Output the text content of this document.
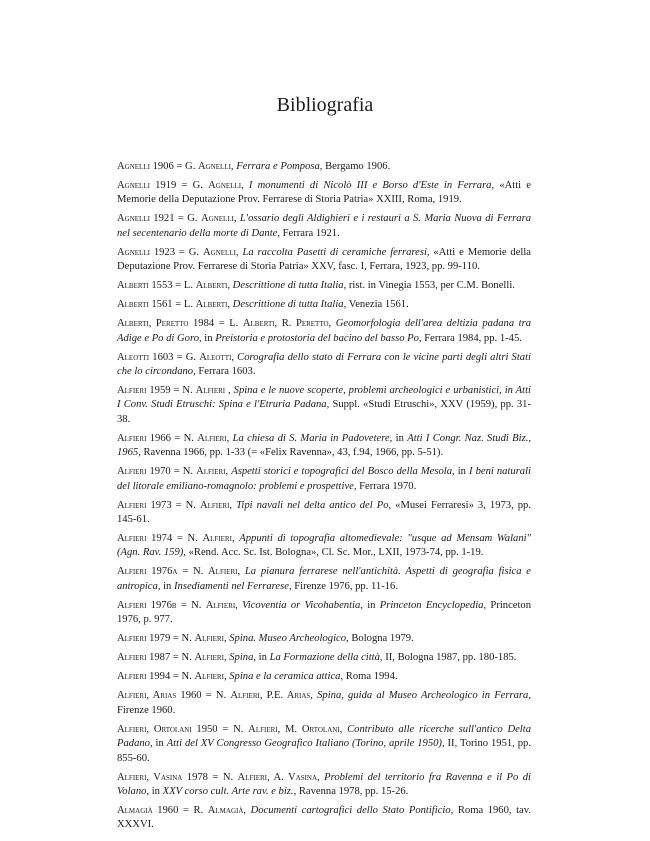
Bibliografia

Agnelli 1906 = G. Agnelli, Ferrara e Pomposa, Bergamo 1906.

Agnelli 1919 = G. Agnelli, I monumenti di Nicolò III e Borso d'Este in Ferrara, «Atti e Memorie della Deputazione Prov. Ferrarese di Storia Patria» XXIII, Roma, 1919.

Agnelli 1921 = G. Agnelli, L'ossario degli Aldighieri e i restauri a S. Maria Nuova di Ferrara nel secentenario della morte di Dante, Ferrara 1921.

Agnelli 1923 = G. Agnelli, La raccolta Pasetti di ceramiche ferraresi, «Atti e Memorie della Deputazione Prov. Ferrarese di Storia Patria» XXV, fasc. I, Ferrara, 1923, pp. 99-110.

Alberti 1553 = L. Alberti, Descrittione di tutta Italia, rist. in Vinegia 1553, per C.M. Bonelli.

Alberti 1561 = L. Alberti, Descrittione di tutta Italia, Venezia 1561.

Alberti, Peretto 1984 = L. Alberti, R. Peretto, Geomorfologia dell'area deltizia padana tra Adige e Po di Goro, in Preistoria e protostoria del bacino del basso Po, Ferrara 1984, pp. 1-45.

Aleotti 1603 = G. Aleotti, Corografia dello stato di Ferrara con le vicine parti degli altri Stati che lo circondano, Ferrara 1603.

Alfieri 1959 = N. Alfieri , Spina e le nuove scoperte, problemi archeologici e urbanistici, in Atti I Conv. Studi Etruschi: Spina e l'Etruria Padana, Suppl. «Studi Etruschi», XXV (1959), pp. 31-38.

Alfieri 1966 = N. Alfieri, La chiesa di S. Maria in Padovetere, in Atti I Congr. Naz. Studi Biz., 1965, Ravenna 1966, pp. 1-33 (= «Felix Ravenna», 43, f.94, 1966, pp. 5-51).

Alfieri 1970 = N. Alfieri, Aspetti storici e topografici del Bosco della Mesola, in I beni naturali del litorale emiliano-romagnolo: problemi e prospettive, Ferrara 1970.

Alfieri 1973 = N. Alfieri, Tipi navali nel delta antico del Po, «Musei Ferraresi» 3, 1973, pp. 145-61.

Alfieri 1974 = N. Alfieri, Appunti di topografia altomedievale: "usque ad Mensam Walani" (Agn. Rav. 159), «Rend. Acc. Sc. Ist. Bologna», Cl. Sc. Mor., LXII, 1973-74, pp. 1-19.

Alfieri 1976a = N. Alfieri, La pianura ferrarese nell'antichità. Aspetti di geografia fisica e antropica, in Insediamenti nel Ferrarese, Firenze 1976, pp. 11-16.

Alfieri 1976b = N. Alfieri, Vicoventia or Vicohabentia, in Princeton Encyclopedia, Princeton 1976, p. 977.

Alfieri 1979 = N. Alfieri, Spina. Museo Archeologico, Bologna 1979.

Alfieri 1987 = N. Alfieri, Spina, in La Formazione della città, II, Bologna 1987, pp. 180-185.

Alfieri 1994 = N. Alfieri, Spina e la ceramica attica, Roma 1994.

Alfieri, Arias 1960 = N. Alfieri, P.E. Arias, Spina, guida al Museo Archeologico in Ferrara, Firenze 1960.

Alfieri, Ortolani 1950 = N. Alfieri, M. Ortolani, Contributo alle ricerche sull'antico Delta Padano, in Atti del XV Congresso Geografico Italiano (Torino, aprile 1950), II, Torino 1951, pp. 855-60.

Alfieri, Vasina 1978 = N. Alfieri, A. Vasina, Problemi del territorio fra Ravenna e il Po di Volano, in XXV corso cult. Arte rav. e biz., Ravenna 1978, pp. 15-26.

Almagià 1960 = R. Almagià, Documenti cartografici dello Stato Pontificio, Roma 1960, tav. XXXVI.
